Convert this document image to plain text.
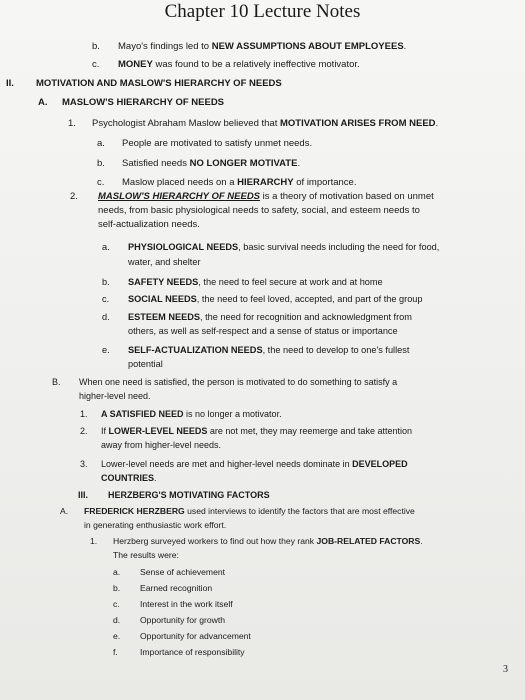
Chapter 10 Lecture Notes
b. Mayo's findings led to NEW ASSUMPTIONS ABOUT EMPLOYEES.
c. MONEY was found to be a relatively ineffective motivator.
II. MOTIVATION AND MASLOW'S HIERARCHY OF NEEDS
A. MASLOW'S HIERARCHY OF NEEDS
1. Psychologist Abraham Maslow believed that MOTIVATION ARISES FROM NEED.
a. People are motivated to satisfy unmet needs.
b. Satisfied needs NO LONGER MOTIVATE.
c. Maslow placed needs on a HIERARCHY of importance.
2. MASLOW'S HIERARCHY OF NEEDS is a theory of motivation based on unmet
needs, from basic physiological needs to safety, social, and esteem needs to
self-actualization needs.
a. PHYSIOLOGICAL NEEDS, basic survival needs including the need for food,
water, and shelter
b. SAFETY NEEDS, the need to feel secure at work and at home
c. SOCIAL NEEDS, the need to feel loved, accepted, and part of the group
d. ESTEEM NEEDS, the need for recognition and acknowledgment from
others, as well as self-respect and a sense of status or importance
e. SELF-ACTUALIZATION NEEDS, the need to develop to one's fullest
potential
B. When one need is satisfied, the person is motivated to do something to satisfy a
higher-level need.
1. A SATISFIED NEED is no longer a motivator.
2. If LOWER-LEVEL NEEDS are not met, they may reemerge and take attention
away from higher-level needs.
3. Lower-level needs are met and higher-level needs dominate in DEVELOPED
COUNTRIES.
III. HERZBERG'S MOTIVATING FACTORS
A. FREDERICK HERZBERG used interviews to identify the factors that are most effective
in generating enthusiastic work effort.
1. Herzberg surveyed workers to find out how they rank JOB-RELATED FACTORS.
The results were:
a. Sense of achievement
b. Earned recognition
c. Interest in the work itself
d. Opportunity for growth
e. Opportunity for advancement
f.	Importance of responsibility
3
